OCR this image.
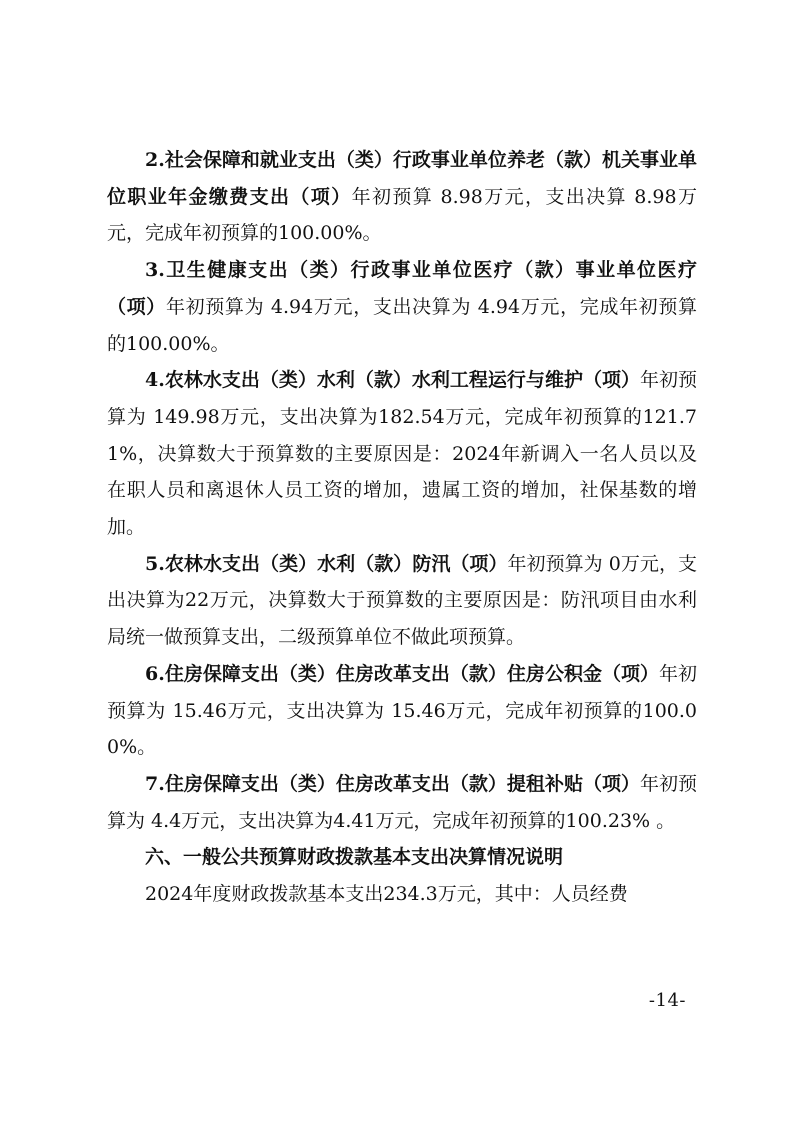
2.社会保障和就业支出（类）行政事业单位养老（款）机关事业单位职业年金缴费支出（项）年初预算 8.98万元，支出决算 8.98万元，完成年初预算的100.00%。

3.卫生健康支出（类）行政事业单位医疗（款）事业单位医疗（项）年初预算为 4.94万元，支出决算为 4.94万元，完成年初预算的100.00%。

4.农林水支出（类）水利（款）水利工程运行与维护（项）年初预算为 149.98万元，支出决算为182.54万元，完成年初预算的121.71%，决算数大于预算数的主要原因是：2024年新调入一名人员以及在职人员和离退休人员工资的增加，遗属工资的增加，社保基数的增加。

5.农林水支出（类）水利（款）防汛（项）年初预算为 0万元，支出决算为22万元，决算数大于预算数的主要原因是：防汛项目由水利局统一做预算支出，二级预算单位不做此项预算。

6.住房保障支出（类）住房改革支出（款）住房公积金（项）年初预算为 15.46万元，支出决算为 15.46万元，完成年初预算的100.00%。

7.住房保障支出（类）住房改革支出（款）提租补贴（项）年初预算为 4.4万元，支出决算为4.41万元，完成年初预算的100.23% 。

六、一般公共预算财政拨款基本支出决算情况说明

2024年度财政拨款基本支出234.3万元，其中：人员经费

-14-
